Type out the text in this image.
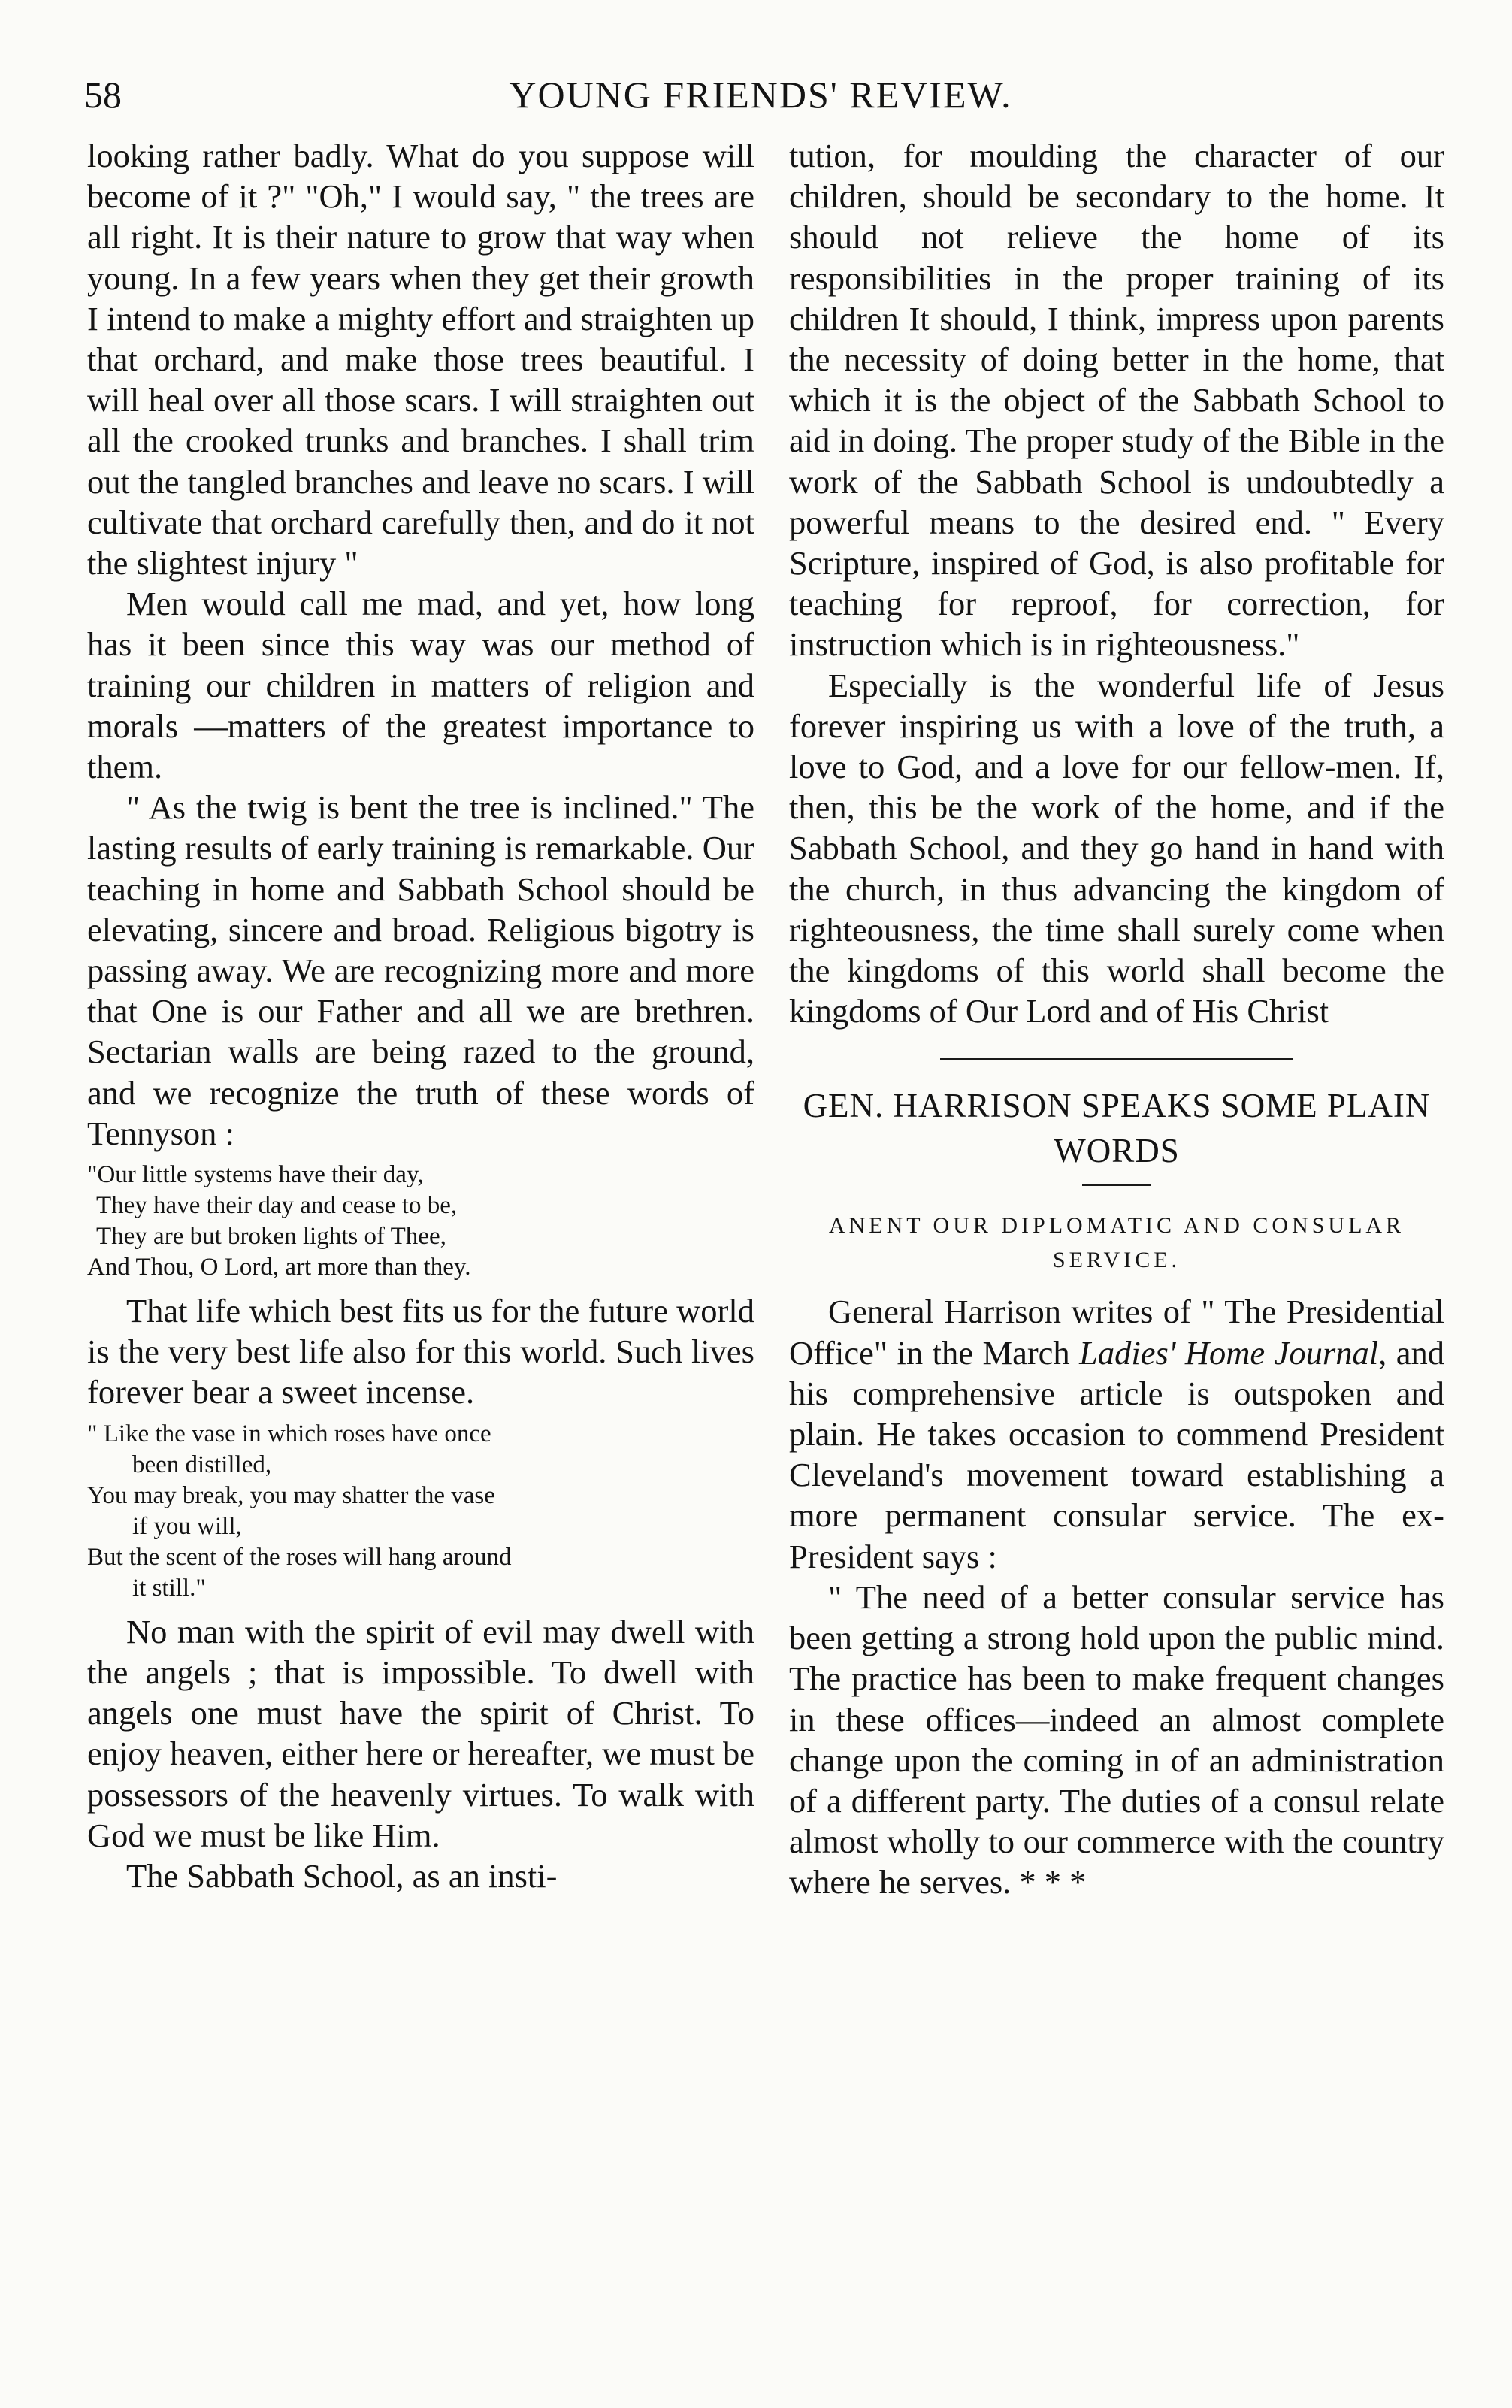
58	YOUNG FRIENDS' REVIEW.

looking rather badly. What do you suppose will become of it ?" "Oh," I would say, " the trees are all right. It is their nature to grow that way when young. In a few years when they get their growth I intend to make a mighty effort and straighten up that orchard, and make those trees beautiful. I will heal over all those scars. I will straighten out all the crooked trunks and branches. I shall trim out the tangled branches and leave no scars. I will cultivate that orchard carefully then, and do it not the slightest injury "

Men would call me mad, and yet, how long has it been since this way was our method of training our children in matters of religion and morals —matters of the greatest importance to them.

" As the twig is bent the tree is inclined." The lasting results of early training is remarkable. Our teaching in home and Sabbath School should be elevating, sincere and broad. Religious bigotry is passing away. We are recognizing more and more that One is our Father and all we are brethren. Sectarian walls are being razed to the ground, and we recognize the truth of these words of Tennyson :

"Our little systems have their day,
They have their day and cease to be,
They are but broken lights of Thee,
And Thou, O Lord, art more than they.

That life which best fits us for the future world is the very best life also for this world. Such lives forever bear a sweet incense.

" Like the vase in which roses have once
been distilled,
You may break, you may shatter the vase
if you will,
But the scent of the roses will hang around
it still."

No man with the spirit of evil may dwell with the angels ; that is impossible. To dwell with angels one must have the spirit of Christ. To enjoy heaven, either here or hereafter, we must be possessors of the heavenly virtues. To walk with God we must be like Him.

The Sabbath School, as an insti-

tution, for moulding the character of our children, should be secondary to the home. It should not relieve the home of its responsibilities in the proper training of its children It should, I think, impress upon parents the necessity of doing better in the home, that which it is the object of the Sabbath School to aid in doing. The proper study of the Bible in the work of the Sabbath School is undoubtedly a powerful means to the desired end. " Every Scripture, inspired of God, is also profitable for teaching for reproof, for correction, for instruction which is in righteousness."

Especially is the wonderful life of Jesus forever inspiring us with a love of the truth, a love to God, and a love for our fellow-men. If, then, this be the work of the home, and if the Sabbath School, and they go hand in hand with the church, in thus advancing the kingdom of righteousness, the time shall surely come when the kingdoms of this world shall become the kingdoms of Our Lord and of His Christ

GEN. HARRISON SPEAKS SOME PLAIN WORDS
ANENT OUR DIPLOMATIC AND CONSULAR SERVICE.

General Harrison writes of " The Presidential Office" in the March Ladies' Home Journal, and his comprehensive article is outspoken and plain. He takes occasion to commend President Cleveland's movement toward establishing a more permanent consular service. The ex-President says :

" The need of a better consular service has been getting a strong hold upon the public mind. The practice has been to make frequent changes in these offices—indeed an almost complete change upon the coming in of an administration of a different party. The duties of a consul relate almost wholly to our commerce with the country where he serves. * * *
